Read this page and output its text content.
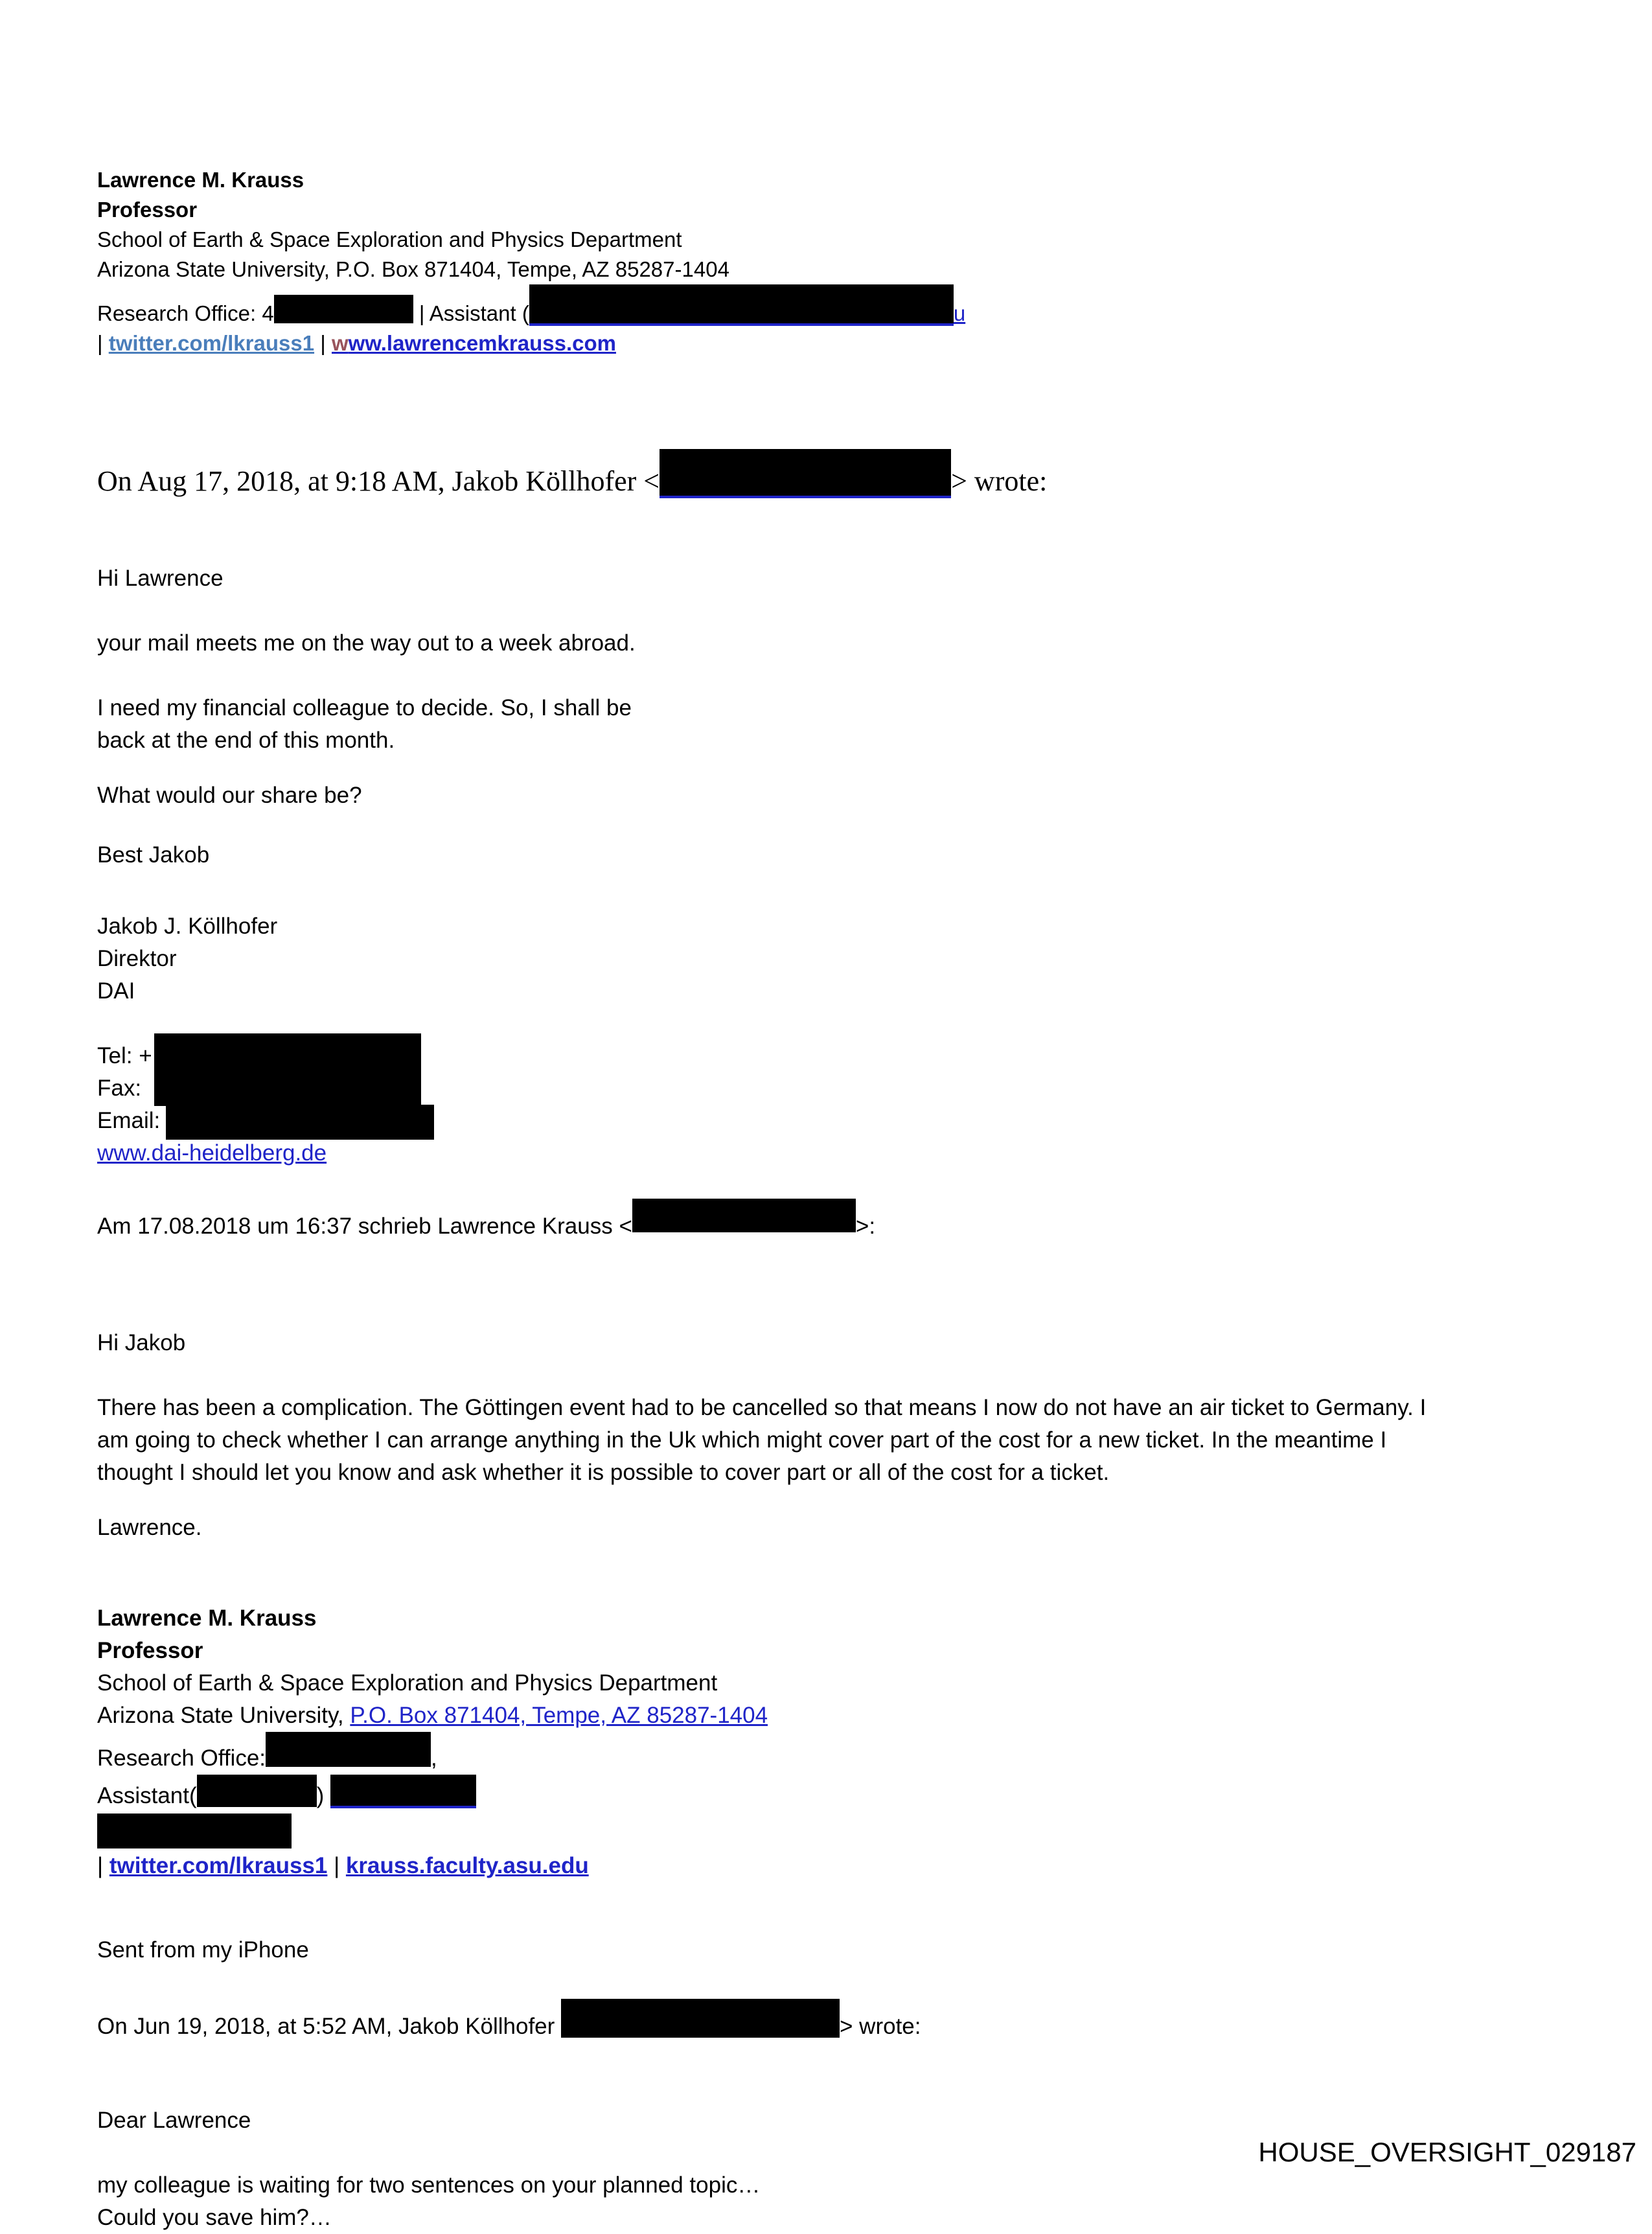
Lawrence M. Krauss
Professor
School of Earth & Space Exploration and Physics Department
Arizona State University, P.O. Box 871404, Tempe, AZ 85287-1404
Research Office: 4	| Assistant (	u
| twitter.com/lkrauss1 | www.lawrencemkrauss.com

On Aug 17, 2018, at 9:18 AM, Jakob Köllhofer <	> wrote:

Hi Lawrence

your mail meets me on the way out to a week abroad.

I need my financial colleague to decide. So, I shall be
back at the end of this month.

What would our share be?

Best Jakob

Jakob J. Köllhofer
Direktor
DAI
Tel: +
Fax:
Email:
www.dai-heidelberg.de

Am 17.08.2018 um 16:37 schrieb Lawrence Krauss <	>:

Hi Jakob

There has been a complication. The Göttingen event had to be cancelled so that means I now do not have an air ticket to Germany. I
am going to check whether I can arrange anything in the Uk which might cover part of the cost for a new ticket. In the meantime I
thought I should let you know and ask whether it is possible to cover part or all of the cost for a ticket.

Lawrence.

Lawrence M. Krauss
Professor
School of Earth & Space Exploration and Physics Department
Arizona State University, P.O. Box 871404, Tempe, AZ 85287-1404
Research Office:	,
Assistant(	)
| twitter.com/lkrauss1 | krauss.faculty.asu.edu

Sent from my iPhone

On Jun 19, 2018, at 5:52 AM, Jakob Köllhofer	> wrote:

Dear Lawrence

my colleague is waiting for two sentences on your planned topic…
Could you save him?…

HOUSE_OVERSIGHT_029187
